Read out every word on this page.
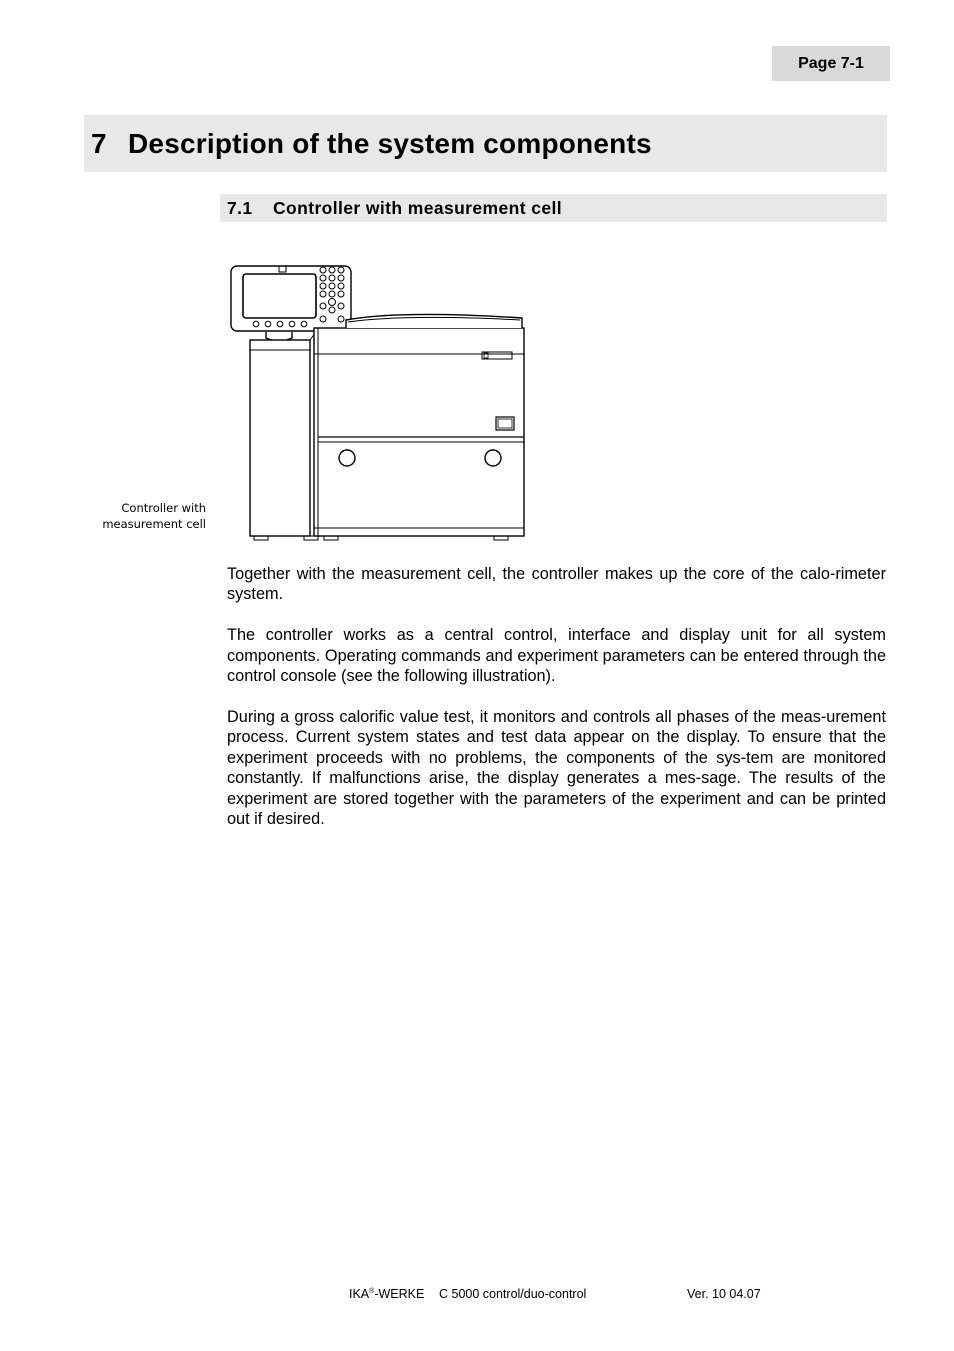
Page 7-1
7 Description of the system components
7.1	Controller with measurement cell
Controller with
measurement cell

Together with the measurement cell, the controller makes up the core of the calo-rimeter system.

The controller works as a central control, interface and display unit for all system components. Operating commands and experiment parameters can be entered through the control console (see the following illustration).

During a gross calorific value test, it monitors and controls all phases of the meas-urement process. Current system states and test data appear on the display. To ensure that the experiment proceeds with no problems, the components of the sys-tem are monitored constantly. If malfunctions arise, the display generates a mes-sage. The results of the experiment are stored together with the parameters of the experiment and can be printed out if desired.

IKA®-WERKE C 5000 control/duo-control	Ver. 10 04.07
